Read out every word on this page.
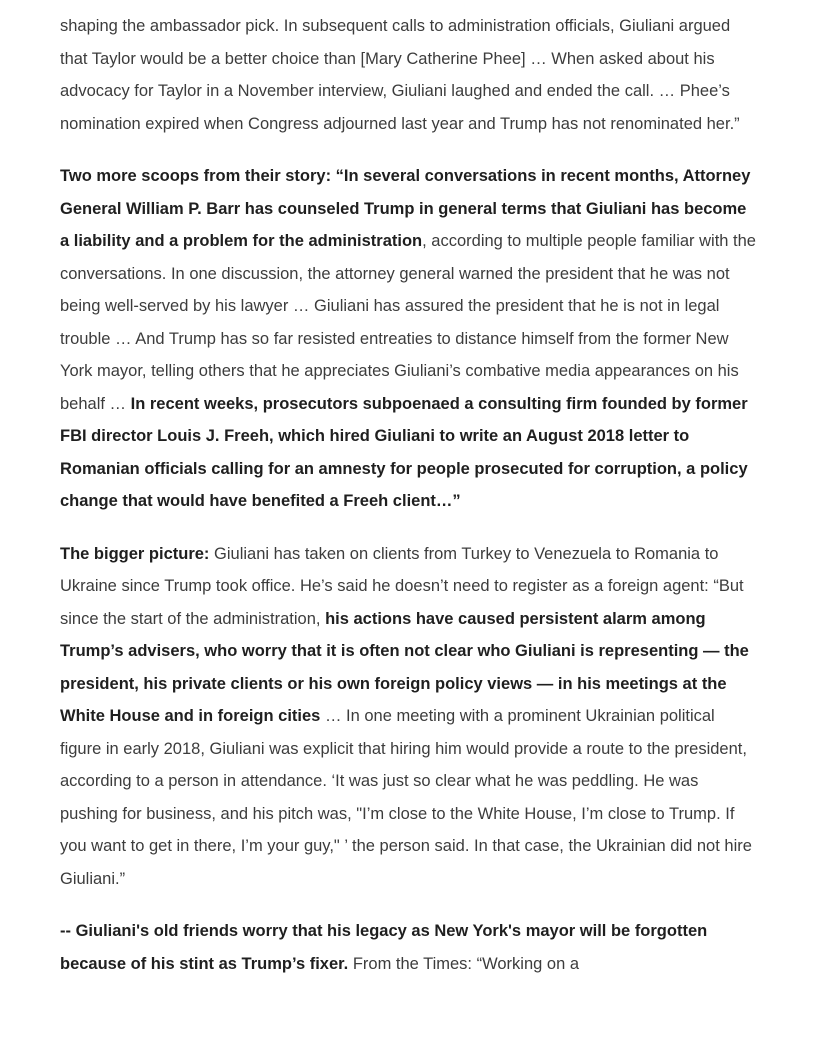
shaping the ambassador pick. In subsequent calls to administration officials, Giuliani argued that Taylor would be a better choice than [Mary Catherine Phee] … When asked about his advocacy for Taylor in a November interview, Giuliani laughed and ended the call. … Phee’s nomination expired when Congress adjourned last year and Trump has not renominated her.”

Two more scoops from their story: “In several conversations in recent months, Attorney General William P. Barr has counseled Trump in general terms that Giuliani has become a liability and a problem for the administration, according to multiple people familiar with the conversations. In one discussion, the attorney general warned the president that he was not being well-served by his lawyer … Giuliani has assured the president that he is not in legal trouble … And Trump has so far resisted entreaties to distance himself from the former New York mayor, telling others that he appreciates Giuliani’s combative media appearances on his behalf … In recent weeks, prosecutors subpoenaed a consulting firm founded by former FBI director Louis J. Freeh, which hired Giuliani to write an August 2018 letter to Romanian officials calling for an amnesty for people prosecuted for corruption, a policy change that would have benefited a Freeh client…”

The bigger picture: Giuliani has taken on clients from Turkey to Venezuela to Romania to Ukraine since Trump took office. He’s said he doesn’t need to register as a foreign agent: “But since the start of the administration, his actions have caused persistent alarm among Trump’s advisers, who worry that it is often not clear who Giuliani is representing — the president, his private clients or his own foreign policy views — in his meetings at the White House and in foreign cities … In one meeting with a prominent Ukrainian political figure in early 2018, Giuliani was explicit that hiring him would provide a route to the president, according to a person in attendance. ‘It was just so clear what he was peddling. He was pushing for business, and his pitch was, "I’m close to the White House, I’m close to Trump. If you want to get in there, I’m your guy," ’ the person said. In that case, the Ukrainian did not hire Giuliani.”

-- Giuliani's old friends worry that his legacy as New York's mayor will be forgotten because of his stint as Trump’s fixer. From the Times: “Working on a
